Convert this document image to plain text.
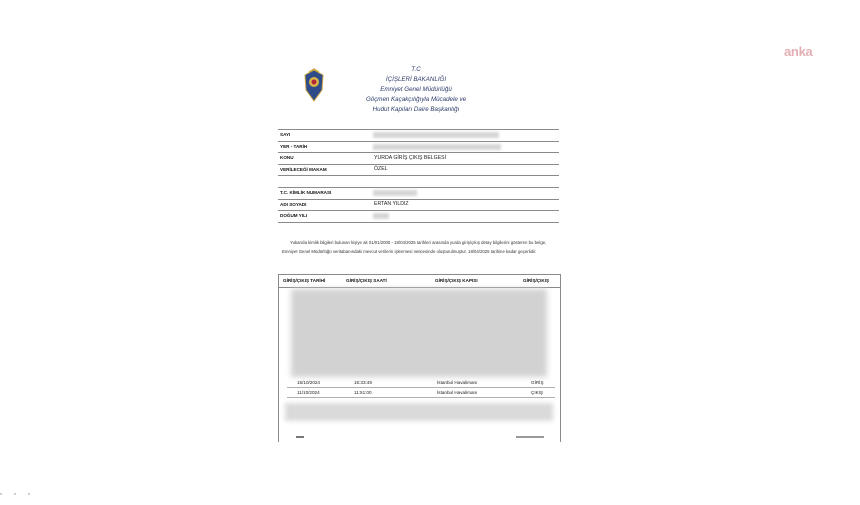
anka
T.C
İÇİŞLERİ BAKANLIĞI
Emniyet Genel Müdürlüğü
Göçmen Kaçakçılığıyla Mücadele ve
Hudut Kapıları Daire Başkanlığı
SAYI
YER - TARİH
KONU	YURDA GİRİŞ ÇIKIŞ BELGESİ
VERİLECEĞİ MAKAM	ÖZEL
T.C. KİMLİK NUMARASI
ADI SOYADI	ERTAN YILDIZ
DOĞUM YILI

Yukarıda kimlik bilgileri bulunan kişiye ait 01/01/2000 - 18/04/2025 tarihleri arasında yurda giriş/çıkış detay bilgilerini gösteren bu belge, Emniyet Genel Müdürlüğü veritabanındaki mevcut verilerin işlenmesi neticesinde oluşturulmuştur. 18/04/2025 tarihine kadar geçerlidir.

GİRİŞ/ÇIKIŞ TARİHİ	GİRİŞ/ÇIKIŞ SAATİ	GİRİŞ/ÇIKIŞ KAPISI	GİRİŞ/ÇIKIŞ
15/10/2024	15:33:49	İstanbul Havalimanı	GİRİŞ
11/10/2024	11:51:00	İstanbul Havalimanı	ÇIKIŞ
